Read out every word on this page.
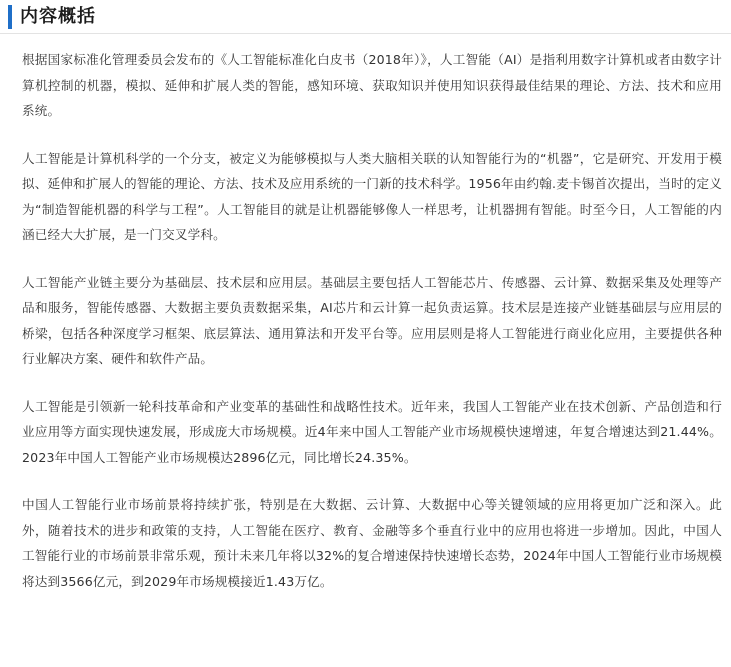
内容概括

根据国家标准化管理委员会发布的《人工智能标准化白皮书（2018年）》，人工智能（AI）是指利用数字计算机或者由数字计算机控制的机器，模拟、延伸和扩展人类的智能，感知环境、获取知识并使用知识获得最佳结果的理论、方法、技术和应用系统。

人工智能是计算机科学的一个分支，被定义为能够模拟与人类大脑相关联的认知智能行为的“机器”，它是研究、开发用于模拟、延伸和扩展人的智能的理论、方法、技术及应用系统的一门新的技术科学。1956年由约翰.麦卡锡首次提出，当时的定义为“制造智能机器的科学与工程”。人工智能目的就是让机器能够像人一样思考，让机器拥有智能。时至今日，人工智能的内涵已经大大扩展，是一门交叉学科。

人工智能产业链主要分为基础层、技术层和应用层。基础层主要包括人工智能芯片、传感器、云计算、数据采集及处理等产品和服务，智能传感器、大数据主要负责数据采集，AI芯片和云计算一起负责运算。技术层是连接产业链基础层与应用层的桥梁，包括各种深度学习框架、底层算法、通用算法和开发平台等。应用层则是将人工智能进行商业化应用，主要提供各种行业解决方案、硬件和软件产品。

人工智能是引领新一轮科技革命和产业变革的基础性和战略性技术。近年来，我国人工智能产业在技术创新、产品创造和行业应用等方面实现快速发展，形成庞大市场规模。近4年来中国人工智能产业市场规模快速增速，年复合增速达到21.44%。2023年中国人工智能产业市场规模达2896亿元，同比增长24.35%。

中国人工智能行业市场前景将持续扩张，特别是在大数据、云计算、大数据中心等关键领域的应用将更加广泛和深入。此外，随着技术的进步和政策的支持，人工智能在医疗、教育、金融等多个垂直行业中的应用也将进一步增加。因此，中国人工智能行业的市场前景非常乐观，预计未来几年将以32%的复合增速保持快速增长态势，2024年中国人工智能行业市场规模将达到3566亿元，到2029年市场规模接近1.43万亿。
